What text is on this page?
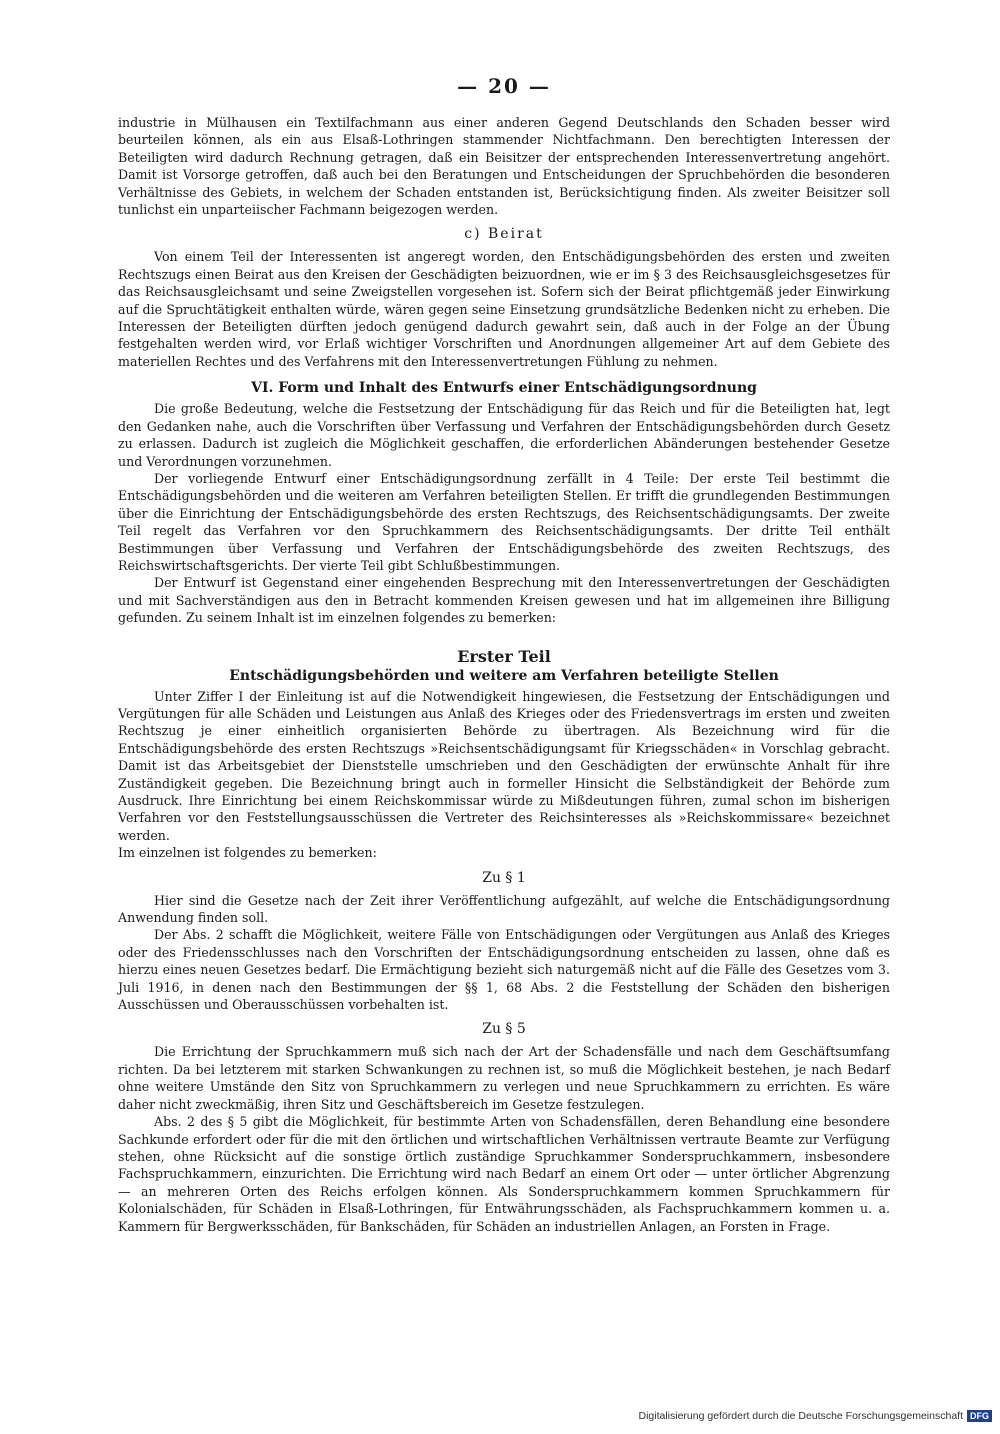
— 20 —

industrie in Mülhausen ein Textilfachmann aus einer anderen Gegend Deutschlands den Schaden besser wird beurteilen können, als ein aus Elsaß-Lothringen stammender Nichtfachmann. Den berechtigten Interessen der Beteiligten wird dadurch Rechnung getragen, daß ein Beisitzer der entsprechenden Interessenvertretung angehört. Damit ist Vorsorge getroffen, daß auch bei den Beratungen und Entscheidungen der Spruchbehörden die besonderen Verhältnisse des Gebiets, in welchem der Schaden entstanden ist, Berücksichtigung finden. Als zweiter Beisitzer soll tunlichst ein unparteiischer Fachmann beigezogen werden.

c) Beirat

Von einem Teil der Interessenten ist angeregt worden, den Entschädigungsbehörden des ersten und zweiten Rechtszugs einen Beirat aus den Kreisen der Geschädigten beizuordnen, wie er im § 3 des Reichsausgleichsgesetzes für das Reichsausgleichsamt und seine Zweigstellen vorgesehen ist. Sofern sich der Beirat pflichtgemäß jeder Einwirkung auf die Spruchtätigkeit enthalten würde, wären gegen seine Einsetzung grundsätzliche Bedenken nicht zu erheben. Die Interessen der Beteiligten dürften jedoch genügend dadurch gewahrt sein, daß auch in der Folge an der Übung festgehalten werden wird, vor Erlaß wichtiger Vorschriften und Anordnungen allgemeiner Art auf dem Gebiete des materiellen Rechtes und des Verfahrens mit den Interessenvertretungen Fühlung zu nehmen.

VI. Form und Inhalt des Entwurfs einer Entschädigungsordnung

Die große Bedeutung, welche die Festsetzung der Entschädigung für das Reich und für die Beteiligten hat, legt den Gedanken nahe, auch die Vorschriften über Verfassung und Verfahren der Entschädigungsbehörden durch Gesetz zu erlassen. Dadurch ist zugleich die Möglichkeit geschaffen, die erforderlichen Abänderungen bestehender Gesetze und Verordnungen vorzunehmen.

Der vorliegende Entwurf einer Entschädigungsordnung zerfällt in 4 Teile: Der erste Teil bestimmt die Entschädigungsbehörden und die weiteren am Verfahren beteiligten Stellen. Er trifft die grundlegenden Bestimmungen über die Einrichtung der Entschädigungsbehörde des ersten Rechtszugs, des Reichsentschädigungsamts. Der zweite Teil regelt das Verfahren vor den Spruchkammern des Reichsentschädigungsamts. Der dritte Teil enthält Bestimmungen über Verfassung und Verfahren der Entschädigungsbehörde des zweiten Rechtszugs, des Reichswirtschaftsgerichts. Der vierte Teil gibt Schlußbestimmungen.

Der Entwurf ist Gegenstand einer eingehenden Besprechung mit den Interessenvertretungen der Geschädigten und mit Sachverständigen aus den in Betracht kommenden Kreisen gewesen und hat im allgemeinen ihre Billigung gefunden. Zu seinem Inhalt ist im einzelnen folgendes zu bemerken:

Erster Teil
Entschädigungsbehörden und weitere am Verfahren beteiligte Stellen

Unter Ziffer I der Einleitung ist auf die Notwendigkeit hingewiesen, die Festsetzung der Entschädigungen und Vergütungen für alle Schäden und Leistungen aus Anlaß des Krieges oder des Friedensvertrags im ersten und zweiten Rechtszug je einer einheitlich organisierten Behörde zu übertragen. Als Bezeichnung wird für die Entschädigungsbehörde des ersten Rechtszugs »Reichsentschädigungsamt für Kriegsschäden« in Vorschlag gebracht. Damit ist das Arbeitsgebiet der Dienststelle umschrieben und den Geschädigten der erwünschte Anhalt für ihre Zuständigkeit gegeben. Die Bezeichnung bringt auch in formeller Hinsicht die Selbständigkeit der Behörde zum Ausdruck. Ihre Einrichtung bei einem Reichskommissar würde zu Mißdeutungen führen, zumal schon im bisherigen Verfahren vor den Feststellungsausschüssen die Vertreter des Reichsinteresses als »Reichskommissare« bezeichnet werden.

Im einzelnen ist folgendes zu bemerken:

Zu § 1

Hier sind die Gesetze nach der Zeit ihrer Veröffentlichung aufgezählt, auf welche die Entschädigungsordnung Anwendung finden soll.

Der Abs. 2 schafft die Möglichkeit, weitere Fälle von Entschädigungen oder Vergütungen aus Anlaß des Krieges oder des Friedensschlusses nach den Vorschriften der Entschädigungsordnung entscheiden zu lassen, ohne daß es hierzu eines neuen Gesetzes bedarf. Die Ermächtigung bezieht sich naturgemäß nicht auf die Fälle des Gesetzes vom 3. Juli 1916, in denen nach den Bestimmungen der §§ 1, 68 Abs. 2 die Feststellung der Schäden den bisherigen Ausschüssen und Oberausschüssen vorbehalten ist.

Zu § 5

Die Errichtung der Spruchkammern muß sich nach der Art der Schadensfälle und nach dem Geschäftsumfang richten. Da bei letzterem mit starken Schwankungen zu rechnen ist, so muß die Möglichkeit bestehen, je nach Bedarf ohne weitere Umstände den Sitz von Spruchkammern zu verlegen und neue Spruchkammern zu errichten. Es wäre daher nicht zweckmäßig, ihren Sitz und Geschäftsbereich im Gesetze festzulegen.

Abs. 2 des § 5 gibt die Möglichkeit, für bestimmte Arten von Schadensfällen, deren Behandlung eine besondere Sachkunde erfordert oder für die mit den örtlichen und wirtschaftlichen Verhältnissen vertraute Beamte zur Verfügung stehen, ohne Rücksicht auf die sonstige örtlich zuständige Spruchkammer Sonderspruchkammern, insbesondere Fachspruchkammern, einzurichten. Die Errichtung wird nach Bedarf an einem Ort oder — unter örtlicher Abgrenzung — an mehreren Orten des Reichs erfolgen können. Als Sonderspruchkammern kommen Spruchkammern für Kolonialschäden, für Schäden in Elsaß-Lothringen, für Entwährungsschäden, als Fachspruchkammern kommen u. a. Kammern für Bergwerksschäden, für Bankschäden, für Schäden an industriellen Anlagen, an Forsten in Frage.

Digitalisierung gefördert durch die Deutsche Forschungsgemeinschaft DFG
